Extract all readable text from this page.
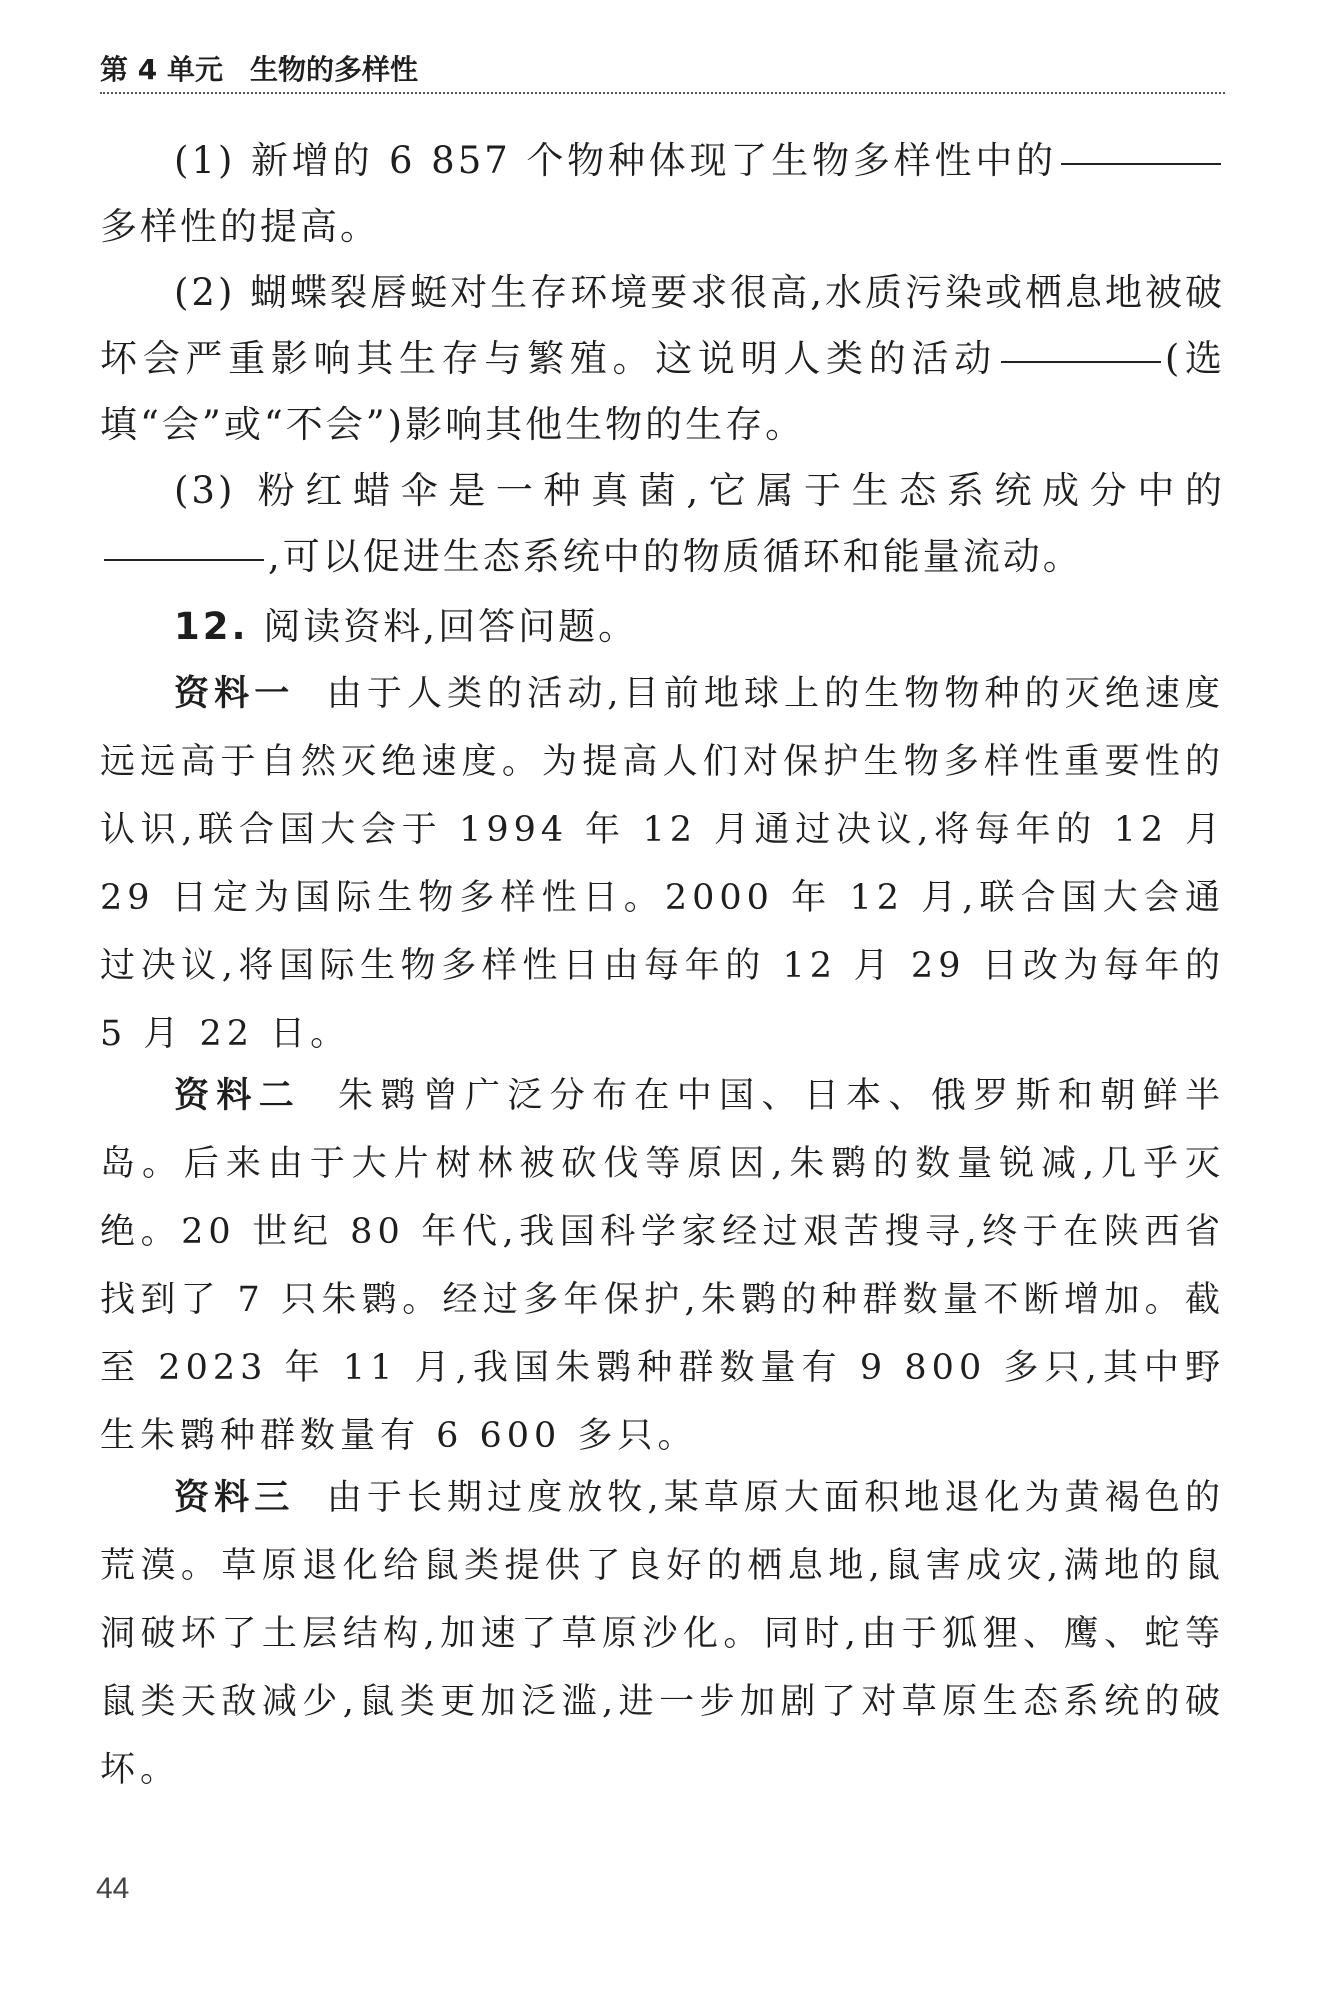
第 4 单元 生物的多样性

(1) 新增的 6 857 个物种体现了生物多样性中的多样性的提高。

(2) 蝴蝶裂唇蜓对生存环境要求很高,水质污染或栖息地被破坏会严重影响其生存与繁殖。这说明人类的活动	(选填“会”或“不会”)影响其他生物的生存。

(3) 粉红蜡伞是一种真菌,它属于生态系统成分中的,可以促进生态系统中的物质循环和能量流动。

12. 阅读资料,回答问题。

资料一 由于人类的活动,目前地球上的生物物种的灭绝速度远远高于自然灭绝速度。为提高人们对保护生物多样性重要性的认识,联合国大会于 1994 年 12 月通过决议,将每年的 12 月 29 日定为国际生物多样性日。2000 年 12 月,联合国大会通过决议,将国际生物多样性日由每年的 12 月 29 日改为每年的 5 月 22 日。

资料二 朱鹮曾广泛分布在中国、日本、俄罗斯和朝鲜半岛。后来由于大片树林被砍伐等原因,朱鹮的数量锐减,几乎灭绝。20 世纪 80 年代,我国科学家经过艰苦搜寻,终于在陕西省找到了 7 只朱鹮。经过多年保护,朱鹮的种群数量不断增加。截至 2023 年 11 月,我国朱鹮种群数量有 9 800 多只,其中野生朱鹮种群数量有 6 600 多只。

资料三 由于长期过度放牧,某草原大面积地退化为黄褐色的荒漠。草原退化给鼠类提供了良好的栖息地,鼠害成灾,满地的鼠洞破坏了土层结构,加速了草原沙化。同时,由于狐狸、鹰、蛇等鼠类天敌减少,鼠类更加泛滥,进一步加剧了对草原生态系统的破坏。

44
